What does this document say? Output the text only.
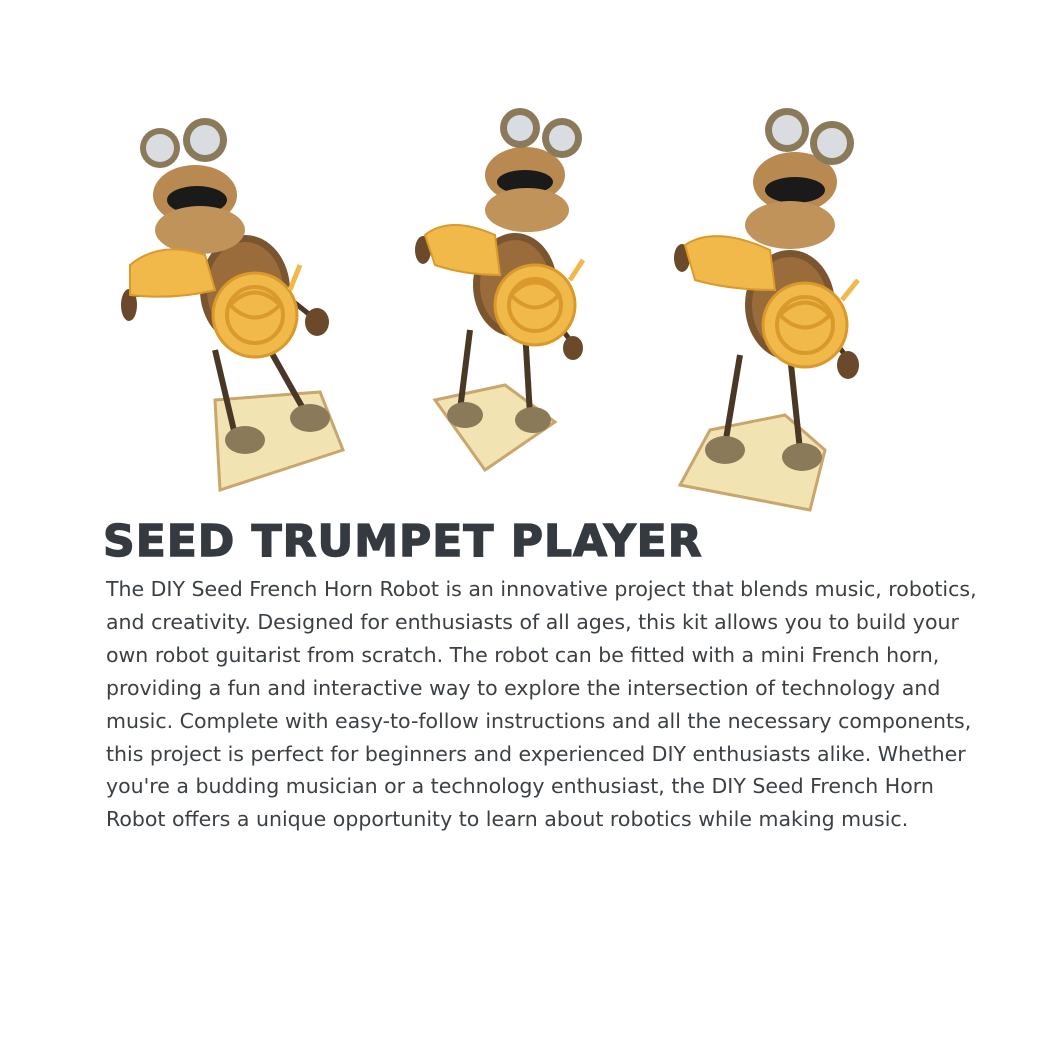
SEED TRUMPET PLAYER

The DIY Seed French Horn Robot is an innovative project that blends music, robotics, and creativity. Designed for enthusiasts of all ages, this kit allows you to build your own robot guitarist from scratch. The robot can be fitted with a mini French horn, providing a fun and interactive way to explore the intersection of technology and music. Complete with easy-to-follow instructions and all the necessary components, this project is perfect for beginners and experienced DIY enthusiasts alike. Whether you're a budding musician or a technology enthusiast, the DIY Seed French Horn Robot offers a unique opportunity to learn about robotics while making music.
